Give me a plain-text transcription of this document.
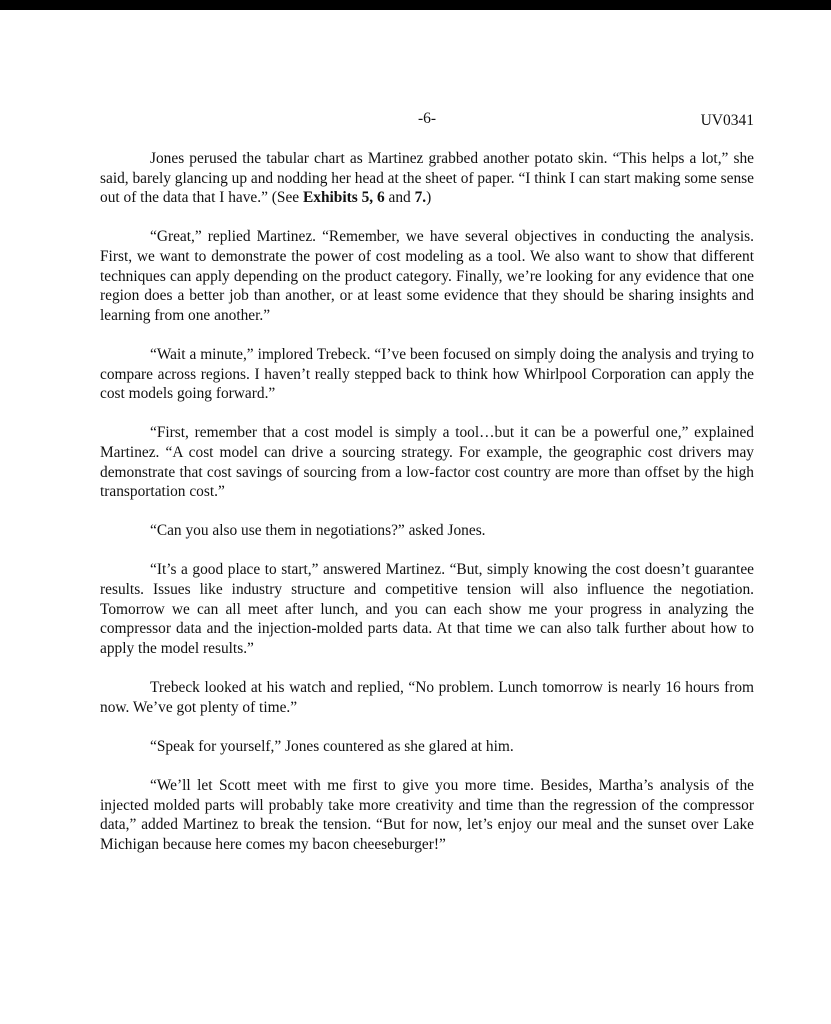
-6-	UV0341

Jones perused the tabular chart as Martinez grabbed another potato skin. “This helps a lot,” she said, barely glancing up and nodding her head at the sheet of paper. “I think I can start making some sense out of the data that I have.” (See Exhibits 5, 6 and 7.)

“Great,” replied Martinez. “Remember, we have several objectives in conducting the analysis. First, we want to demonstrate the power of cost modeling as a tool. We also want to show that different techniques can apply depending on the product category. Finally, we’re looking for any evidence that one region does a better job than another, or at least some evidence that they should be sharing insights and learning from one another.”

“Wait a minute,” implored Trebeck. “I’ve been focused on simply doing the analysis and trying to compare across regions. I haven’t really stepped back to think how Whirlpool Corporation can apply the cost models going forward.”

“First, remember that a cost model is simply a tool…but it can be a powerful one,” explained Martinez. “A cost model can drive a sourcing strategy. For example, the geographic cost drivers may demonstrate that cost savings of sourcing from a low-factor cost country are more than offset by the high transportation cost.”

“Can you also use them in negotiations?” asked Jones.

“It’s a good place to start,” answered Martinez. “But, simply knowing the cost doesn’t guarantee results. Issues like industry structure and competitive tension will also influence the negotiation. Tomorrow we can all meet after lunch, and you can each show me your progress in analyzing the compressor data and the injection-molded parts data. At that time we can also talk further about how to apply the model results.”

Trebeck looked at his watch and replied, “No problem. Lunch tomorrow is nearly 16 hours from now. We’ve got plenty of time.”

“Speak for yourself,” Jones countered as she glared at him.

“We’ll let Scott meet with me first to give you more time. Besides, Martha’s analysis of the injected molded parts will probably take more creativity and time than the regression of the compressor data,” added Martinez to break the tension. “But for now, let’s enjoy our meal and the sunset over Lake Michigan because here comes my bacon cheeseburger!”
